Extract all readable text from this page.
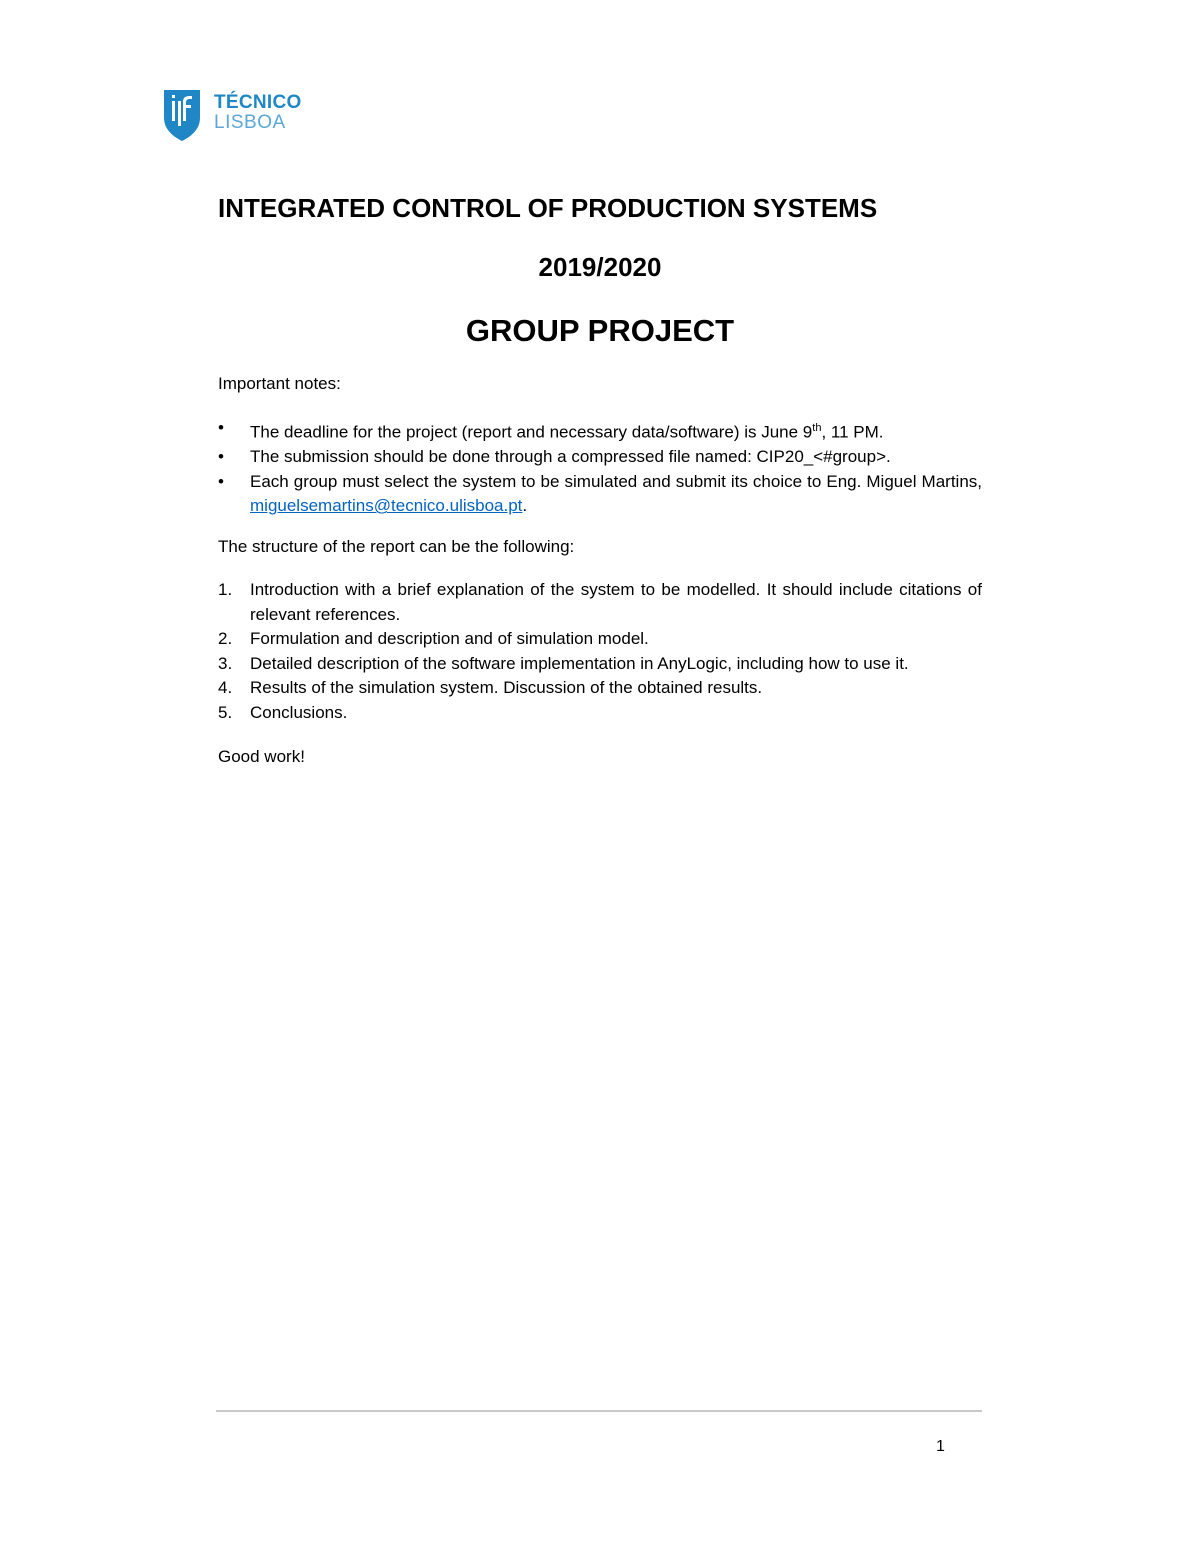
TÉCNICO
LISBOA
INTEGRATED CONTROL OF PRODUCTION SYSTEMS
2019/2020
GROUP PROJECT
Important notes:
•	The deadline for the project (report and necessary data/software) is June 9th, 11 PM.
•	The submission should be done through a compressed file named: CIP20_<#group>.
•	Each group must select the system to be simulated and submit its choice to Eng. Miguel Martins, miguelsemartins@tecnico.ulisboa.pt.
The structure of the report can be the following:
1.	Introduction with a brief explanation of the system to be modelled. It should include citations of relevant references.
2.	Formulation and description and of simulation model.
3.	Detailed description of the software implementation in AnyLogic, including how to use it.
4.	Results of the simulation system. Discussion of the obtained results.
5.	Conclusions.
Good work!
1
